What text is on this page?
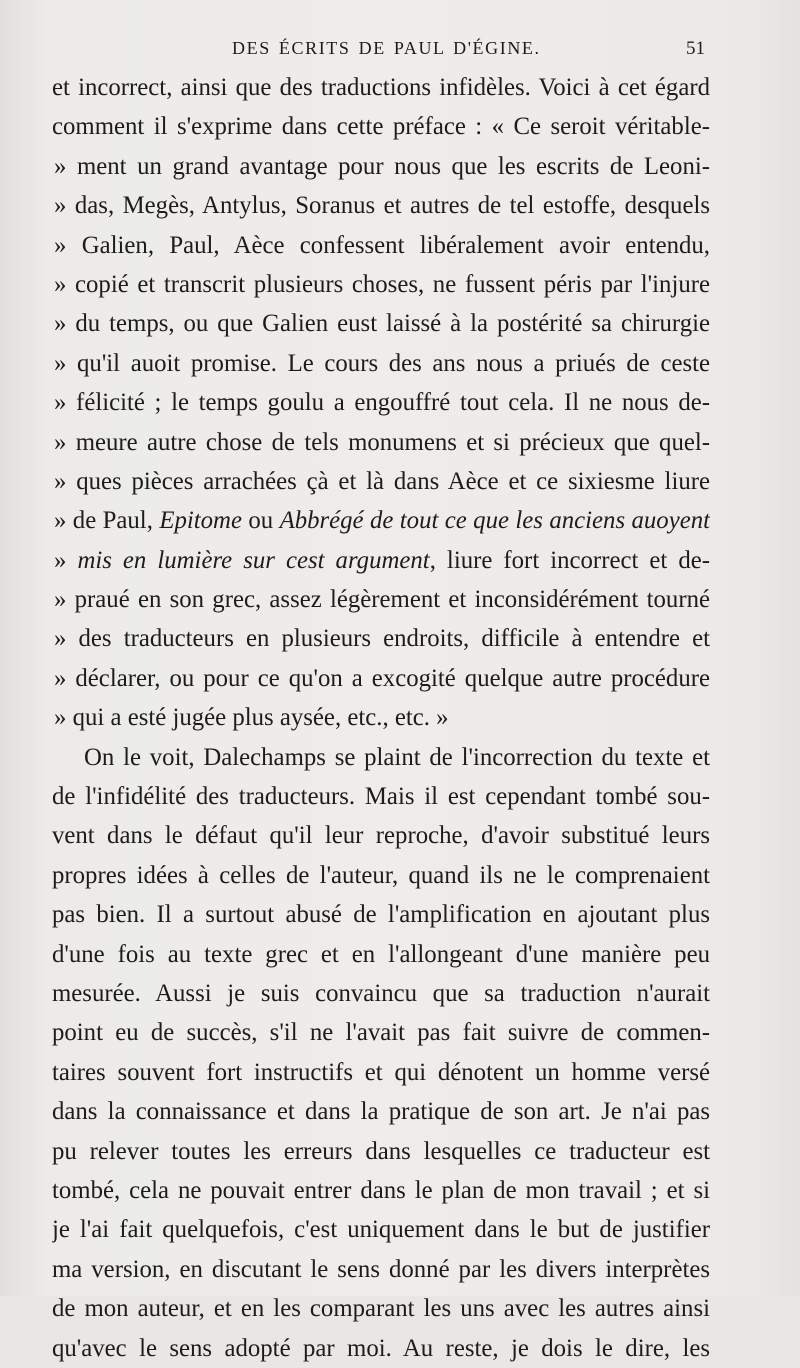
DES ÉCRITS DE PAUL D'ÉGINE.	51
et incorrect, ainsi que des traductions infidèles. Voici à cet égard
comment il s'exprime dans cette préface : « Ce seroit véritable-
» ment un grand avantage pour nous que les escrits de Leoni-
» das, Megès, Antylus, Soranus et autres de tel estoffe, desquels
» Galien, Paul, Aèce confessent libéralement avoir entendu,
» copié et transcrit plusieurs choses, ne fussent péris par l'injure
» du temps, ou que Galien eust laissé à la postérité sa chirurgie
» qu'il auoit promise. Le cours des ans nous a priués de ceste
» félicité ; le temps goulu a engouffré tout cela. Il ne nous de-
» meure autre chose de tels monumens et si précieux que quel-
» ques pièces arrachées çà et là dans Aèce et ce sixiesme liure
» de Paul, Epitome ou Abbrégé de tout ce que les anciens auoyent
» mis en lumière sur cest argument, liure fort incorrect et de-
» praué en son grec, assez légèrement et inconsidérément tourné
» des traducteurs en plusieurs endroits, difficile à entendre et
» déclarer, ou pour ce qu'on a excogité quelque autre procédure
» qui a esté jugée plus aysée, etc., etc. »
On le voit, Dalechamps se plaint de l'incorrection du texte et
de l'infidélité des traducteurs. Mais il est cependant tombé sou-
vent dans le défaut qu'il leur reproche, d'avoir substitué leurs
propres idées à celles de l'auteur, quand ils ne le comprenaient
pas bien. Il a surtout abusé de l'amplification en ajoutant plus
d'une fois au texte grec et en l'allongeant d'une manière peu
mesurée. Aussi je suis convaincu que sa traduction n'aurait
point eu de succès, s'il ne l'avait pas fait suivre de commen-
taires souvent fort instructifs et qui dénotent un homme versé
dans la connaissance et dans la pratique de son art. Je n'ai pas
pu relever toutes les erreurs dans lesquelles ce traducteur est
tombé, cela ne pouvait entrer dans le plan de mon travail ; et si
je l'ai fait quelquefois, c'est uniquement dans le but de justifier
ma version, en discutant le sens donné par les divers interprètes
de mon auteur, et en les comparant les uns avec les autres ainsi
qu'avec le sens adopté par moi. Au reste, je dois le dire, les
